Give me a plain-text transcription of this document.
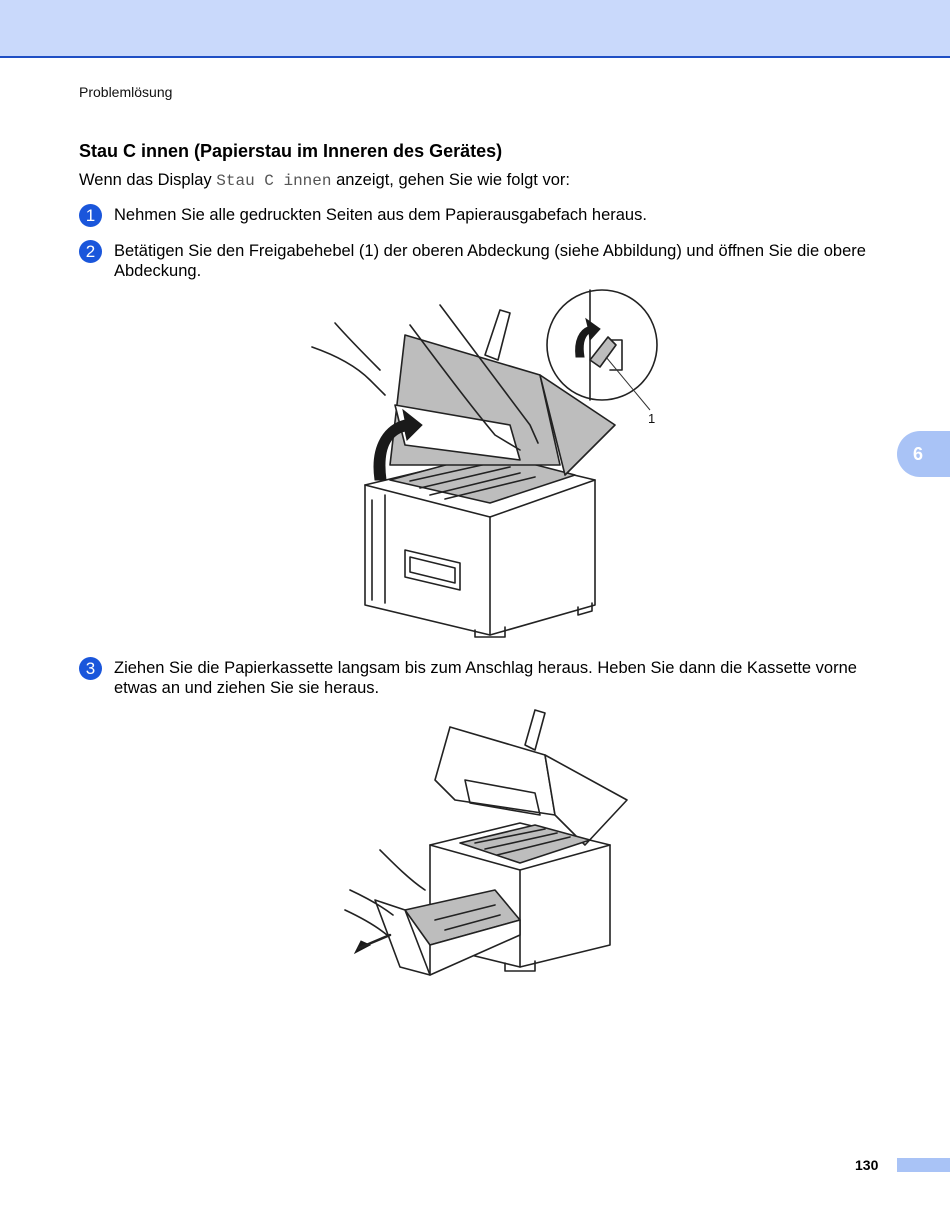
Problemlösung
Stau C innen (Papierstau im Inneren des Gerätes)
Wenn das Display Stau C innen anzeigt, gehen Sie wie folgt vor:
1	Nehmen Sie alle gedruckten Seiten aus dem Papierausgabefach heraus.
2	Betätigen Sie den Freigabehebel (1) der oberen Abdeckung (siehe Abbildung) und öffnen Sie die obere Abdeckung.
1
6
3	Ziehen Sie die Papierkassette langsam bis zum Anschlag heraus. Heben Sie dann die Kassette vorne etwas an und ziehen Sie sie heraus.
130
